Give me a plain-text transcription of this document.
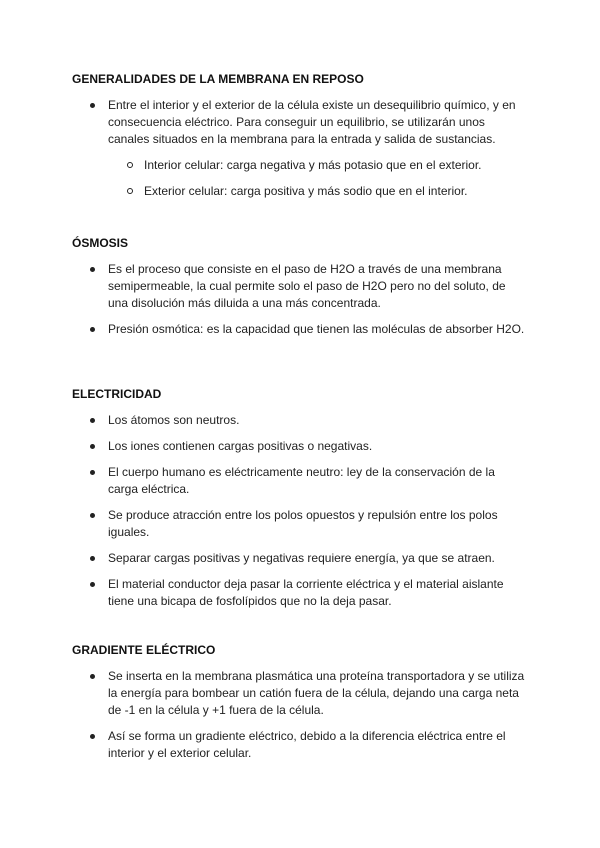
GENERALIDADES DE LA MEMBRANA EN REPOSO
Entre el interior y el exterior de la célula existe un desequilibrio químico, y en consecuencia eléctrico. Para conseguir un equilibrio, se utilizarán unos canales situados en la membrana para la entrada y salida de sustancias.
Interior celular: carga negativa y más potasio que en el exterior.
Exterior celular: carga positiva y más sodio que en el interior.
ÓSMOSIS
Es el proceso que consiste en el paso de H2O a través de una membrana semipermeable, la cual permite solo el paso de H2O pero no del soluto, de una disolución más diluida a una más concentrada.
Presión osmótica: es la capacidad que tienen las moléculas de absorber H2O.
ELECTRICIDAD
Los átomos son neutros.
Los iones contienen cargas positivas o negativas.
El cuerpo humano es eléctricamente neutro: ley de la conservación de la carga eléctrica.
Se produce atracción entre los polos opuestos y repulsión entre los polos iguales.
Separar cargas positivas y negativas requiere energía, ya que se atraen.
El material conductor deja pasar la corriente eléctrica y el material aislante tiene una bicapa de fosfolípidos que no la deja pasar.
GRADIENTE ELÉCTRICO
Se inserta en la membrana plasmática una proteína transportadora y se utiliza la energía para bombear un catión fuera de la célula, dejando una carga neta de -1 en la célula y +1 fuera de la célula.
Así se forma un gradiente eléctrico, debido a la diferencia eléctrica entre el interior y el exterior celular.
